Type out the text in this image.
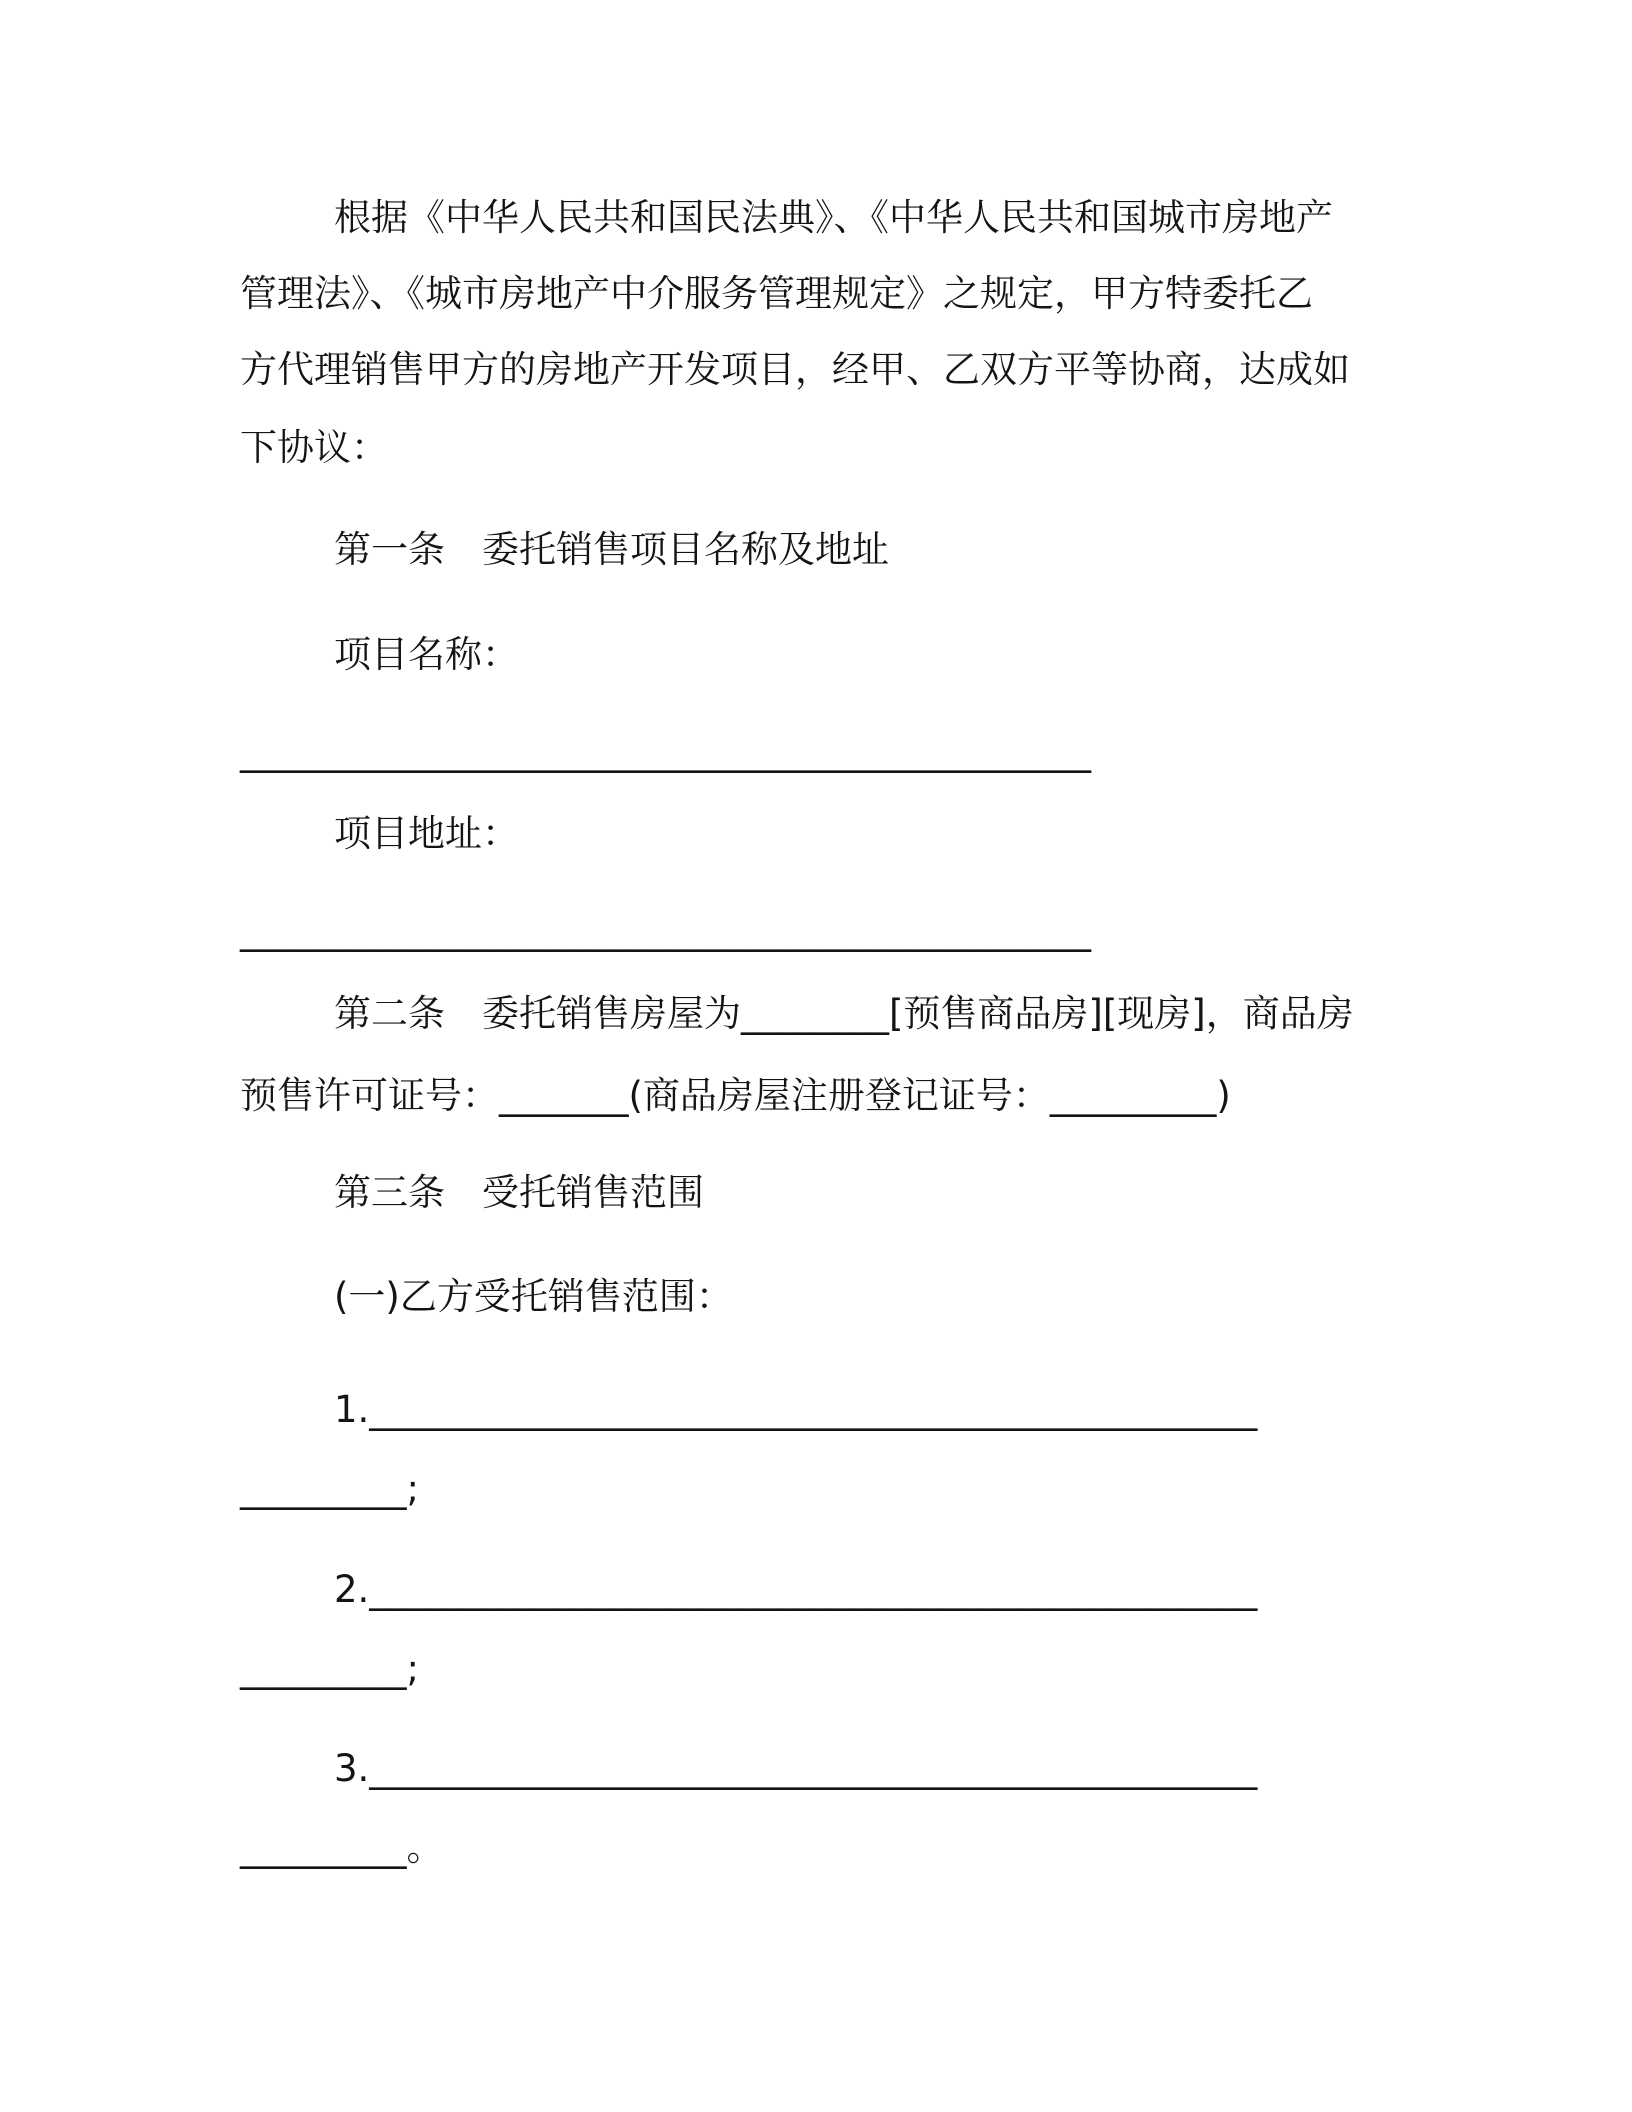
根据《中华人民共和国民法典》、《中华人民共和国城市房地产
管理法》、《城市房地产中介服务管理规定》之规定，甲方特委托乙
方代理销售甲方的房地产开发项目，经甲、乙双方平等协商，达成如
下协议：
第一条　委托销售项目名称及地址
项目名称：
______________________________________________
项目地址：
______________________________________________
第二条　委托销售房屋为________[预售商品房][现房]，商品房
预售许可证号：_______(商品房屋注册登记证号：_________)
第三条　受托销售范围
(一)乙方受托销售范围：
1.________________________________________________
_________;
2.________________________________________________
_________;
3.________________________________________________
_________。
